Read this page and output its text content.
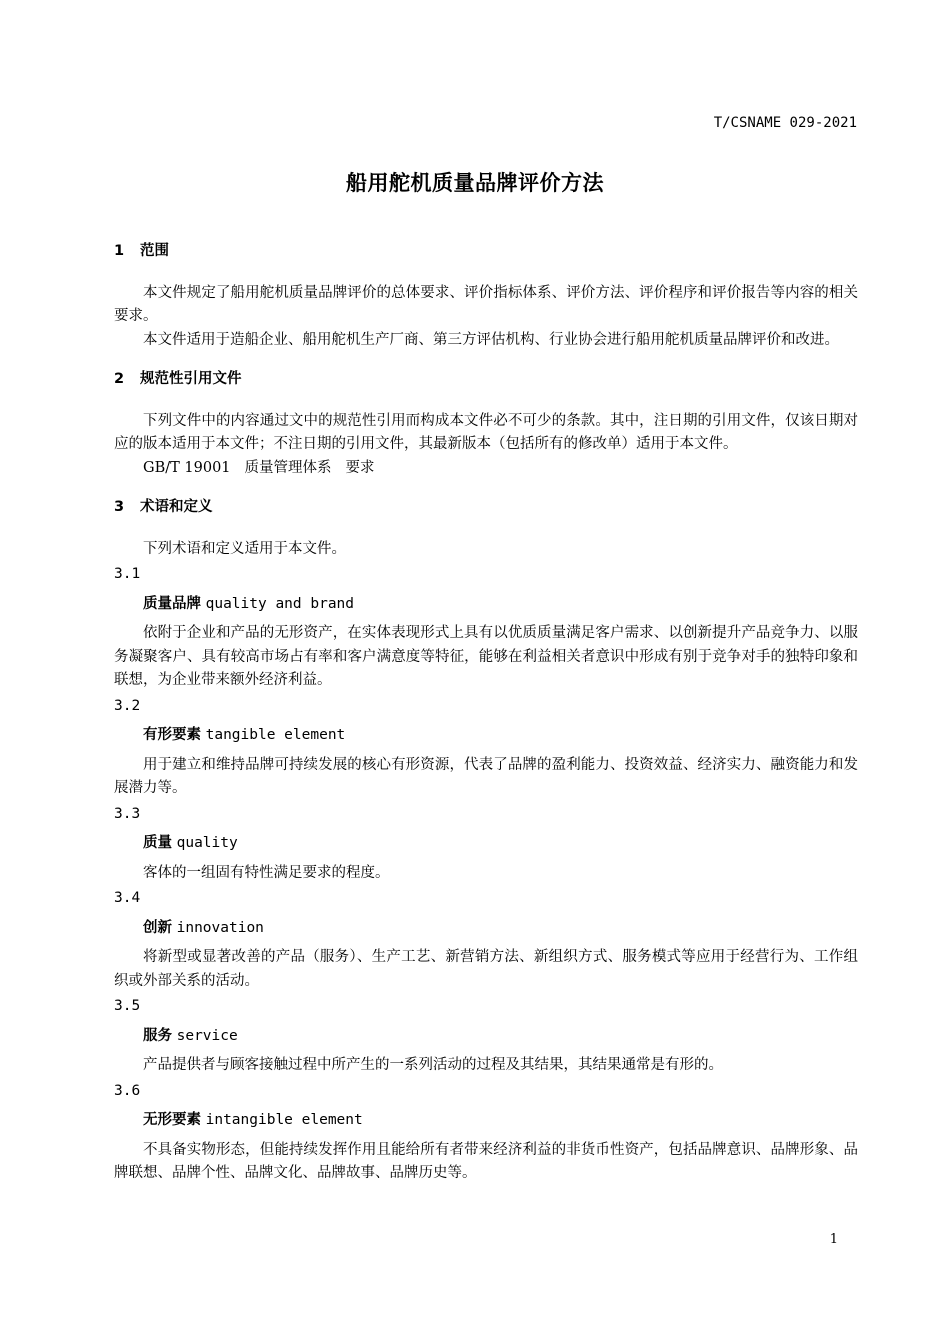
T/CSNAME 029-2021
船用舵机质量品牌评价方法
1 范围

本文件规定了船用舵机质量品牌评价的总体要求、评价指标体系、评价方法、评价程序和评价报告等内容的相关要求。

本文件适用于造船企业、船用舵机生产厂商、第三方评估机构、行业协会进行船用舵机质量品牌评价和改进。

2 规范性引用文件

下列文件中的内容通过文中的规范性引用而构成本文件必不可少的条款。其中，注日期的引用文件，仅该日期对应的版本适用于本文件；不注日期的引用文件，其最新版本（包括所有的修改单）适用于本文件。

GB/T 19001 质量管理体系 要求

3 术语和定义

下列术语和定义适用于本文件。

3.1
质量品牌 quality and brand

依附于企业和产品的无形资产，在实体表现形式上具有以优质质量满足客户需求、以创新提升产品竞争力、以服务凝聚客户、具有较高市场占有率和客户满意度等特征，能够在利益相关者意识中形成有别于竞争对手的独特印象和联想，为企业带来额外经济利益。

3.2
有形要素 tangible element

用于建立和维持品牌可持续发展的核心有形资源，代表了品牌的盈利能力、投资效益、经济实力、融资能力和发展潜力等。

3.3
质量 quality

客体的一组固有特性满足要求的程度。

3.4
创新 innovation

将新型或显著改善的产品（服务）、生产工艺、新营销方法、新组织方式、服务模式等应用于经营行为、工作组织或外部关系的活动。

3.5
服务 service

产品提供者与顾客接触过程中所产生的一系列活动的过程及其结果，其结果通常是有形的。

3.6
无形要素 intangible element

不具备实物形态，但能持续发挥作用且能给所有者带来经济利益的非货币性资产，包括品牌意识、品牌形象、品牌联想、品牌个性、品牌文化、品牌故事、品牌历史等。

1
